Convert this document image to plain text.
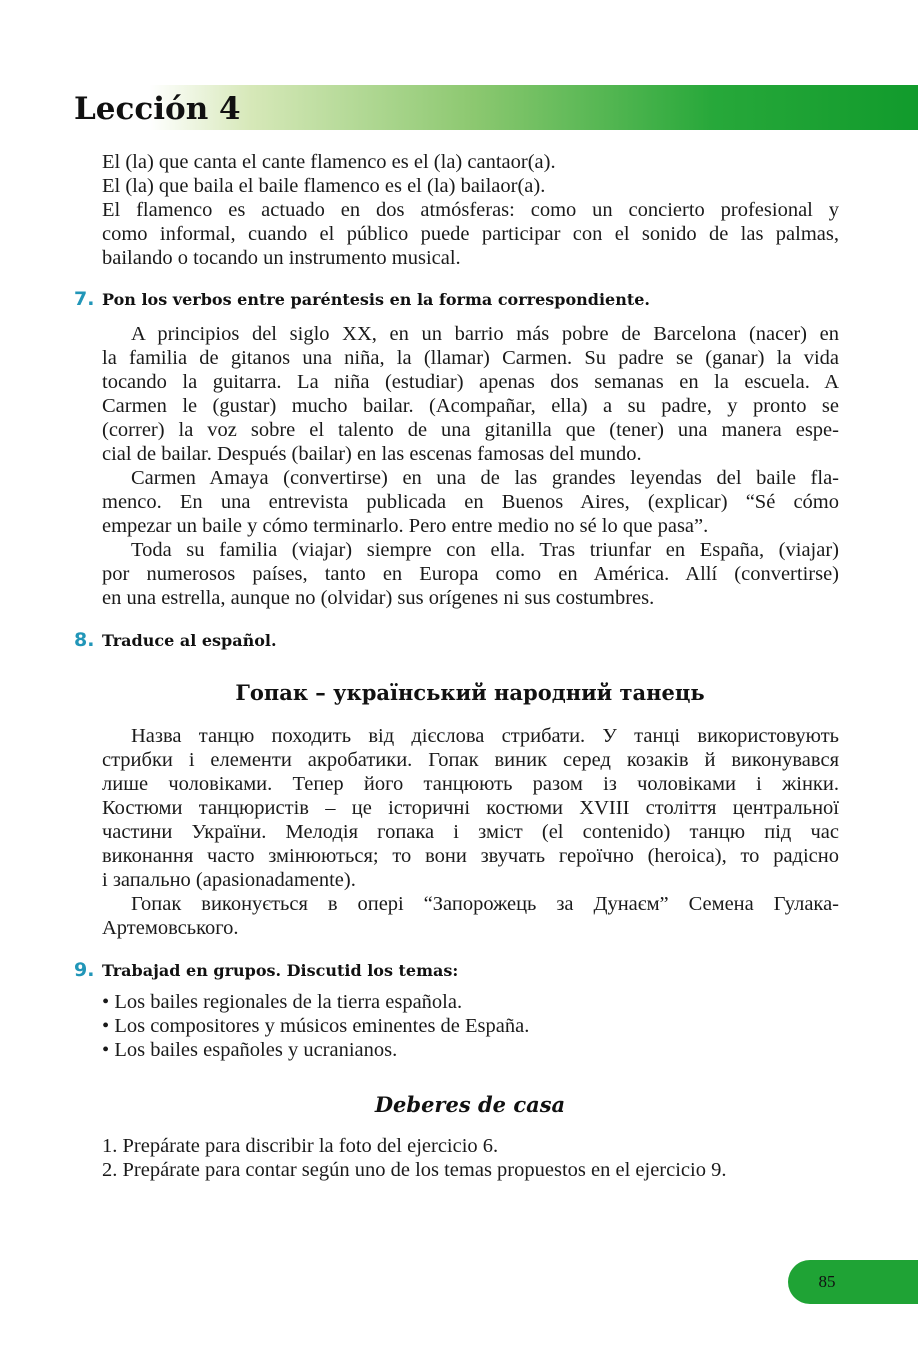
Lección 4

El (la) que canta el cante flamenco es el (la) cantaor(a).

El (la) que baila el baile flamenco es el (la) bailaor(a).

El flamenco es actuado en dos atmósferas: como un concierto profesional y

como informal, cuando el público puede participar con el sonido de las palmas,

bailando o tocando un instrumento musical.

7. Pon los verbos entre paréntesis en la forma correspondiente.

A principios del siglo XX, en un barrio más pobre de Barcelona (nacer) en

la familia de gitanos una niña, la (llamar) Carmen. Su padre se (ganar) la vida

tocando la guitarra. La niña (estudiar) apenas dos semanas en la escuela. A

Carmen le (gustar) mucho bailar. (Acompañar, ella) a su padre, y pronto se

(correr) la voz sobre el talento de una gitanilla que (tener) una manera espe-

cial de bailar. Después (bailar) en las escenas famosas del mundo.

Carmen Amaya (convertirse) en una de las grandes leyendas del baile fla-

menco. En una entrevista publicada en Buenos Aires, (explicar) “Sé cómo

empezar un baile y cómo terminarlo. Pero entre medio no sé lo que pasa”.

Toda su familia (viajar) siempre con ella. Tras triunfar en España, (viajar)

por numerosos países, tanto en Europa como en América. Allí (convertirse)

en una estrella, aunque no (olvidar) sus orígenes ni sus costumbres.

8. Traduce al español.

Гопак – український народний танець

Назва танцю походить від дієслова стрибати. У танці використовують

стрибки і елементи акробатики. Гопак виник серед козаків й виконувався

лише чоловіками. Тепер його танцюють разом із чоловіками і жінки.

Костюми танцюристів – це історичні костюми XVIII століття центральної

частини України. Мелодія гопака і зміст (el contenido) танцю під час

виконання часто змінюються; то вони звучать героїчно (heroica), то радісно

і запально (apasionadamente).

Гопак виконується в опері “Запорожець за Дунаєм” Семена Гулака-

Артемовського.

9. Trabajad en grupos. Discutid los temas:

• Los bailes regionales de la tierra española.
• Los compositores y músicos eminentes de España.
• Los bailes españoles y ucranianos.
Deberes de casa
1. Prepárate para discribir la foto del ejercicio 6.
2. Prepárate para contar según uno de los temas propuestos en el ejercicio 9.

85
